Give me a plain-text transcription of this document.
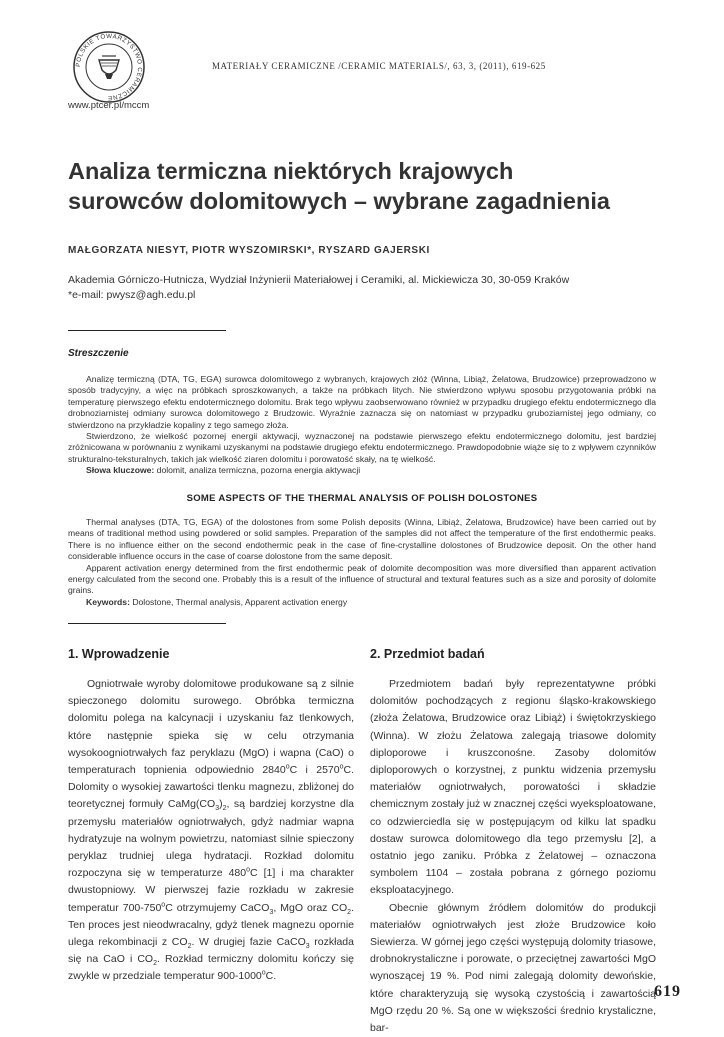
POLSKIE TOWARZYSTWO CERAMICZNE
www.ptcer.pl/mccm
MATERIAŁY CERAMICZNE /CERAMIC MATERIALS/, 63, 3, (2011), 619-625
Analiza termiczna niektórych krajowych
surowców dolomitowych – wybrane zagadnienia
MAŁGORZATA NIESYT, PIOTR WYSZOMIRSKI*, RYSZARD GAJERSKI
Akademia Górniczo-Hutnicza, Wydział Inżynierii Materiałowej i Ceramiki, al. Mickiewicza 30, 30-059 Kraków
*e-mail: pwysz@agh.edu.pl
Streszczenie

Analizę termiczną (DTA, TG, EGA) surowca dolomitowego z wybranych, krajowych złóż (Winna, Libiąż, Żelatowa, Brudzowice) przeprowadzono w sposób tradycyjny, a więc na próbkach sproszkowanych, a także na próbkach litych. Nie stwierdzono wpływu sposobu przygotowania próbki na temperaturę pierwszego efektu endotermicznego dolomitu. Brak tego wpływu zaobserwowano również w przypadku drugiego efektu endotermicznego dla drobnoziarnistej odmiany surowca dolomitowego z Brudzowic. Wyraźnie zaznacza się on natomiast w przypadku gruboziarnistej jego odmiany, co stwierdzono na przykładzie kopaliny z tego samego złoża.

Stwierdzono, że wielkość pozornej energii aktywacji, wyznaczonej na podstawie pierwszego efektu endotermicznego dolomitu, jest bardziej zróżnicowana w porównaniu z wynikami uzyskanymi na podstawie drugiego efektu endotermicznego. Prawdopodobnie wiąże się to z wpływem czynników strukturalno-teksturalnych, takich jak wielkość ziaren dolomitu i porowatość skały, na tę wielkość.

Słowa kluczowe: dolomit, analiza termiczna, pozorna energia aktywacji

SOME ASPECTS OF THE THERMAL ANALYSIS OF POLISH DOLOSTONES

Thermal analyses (DTA, TG, EGA) of the dolostones from some Polish deposits (Winna, Libiąż, Żelatowa, Brudzowice) have been carried out by means of traditional method using powdered or solid samples. Preparation of the samples did not affect the temperature of the first endothermic peaks. There is no influence either on the second endothermic peak in the case of fine-crystalline dolostones of Brudzowice deposit. On the other hand considerable influence occurs in the case of coarse dolostone from the same deposit.

Apparent activation energy determined from the first endothermic peak of dolomite decomposition was more diversified than apparent activation energy calculated from the second one. Probably this is a result of the influence of structural and textural features such as a size and porosity of dolomite grains.

Keywords: Dolostone, Thermal analysis, Apparent activation energy

1. Wprowadzenie

Ogniotrwałe wyroby dolomitowe produkowane są z silnie spieczonego dolomitu surowego. Obróbka termiczna dolomitu polega na kalcynacji i uzyskaniu faz tlenkowych, które następnie spieka się w celu otrzymania wysokoogniotrwałych faz peryklazu (MgO) i wapna (CaO) o temperaturach topnienia odpowiednio 2840$^o$C i 2570$^o$C. Dolomity o wysokiej zawartości tlenku magnezu, zbliżonej do teoretycznej formuły $CaMg(CO_3)_2$, są bardziej korzystne dla przemysłu materiałów ogniotrwałych, gdyż nadmiar wapna hydratyzuje na wolnym powietrzu, natomiast silnie spieczony peryklaz trudniej ulega hydratacji. Rozkład dolomitu rozpoczyna się w temperaturze 480$^o$C [1] i ma charakter dwustopniowy. W pierwszej fazie rozkładu w zakresie temperatur 700-750$^o$C otrzymujemy CaCO$_3$, MgO oraz $CO_2$. Ten proces jest nieodwracalny, gdyż tlenek magnezu opornie ulega rekombinacji z $CO_2$. W drugiej fazie CaCO$_3$ rozkłada się na CaO i $CO_2$. Rozkład termiczny dolomitu kończy się zwykle w przedziale temperatur 900-1000$^o$C.

2. Przedmiot badań

Przedmiotem badań były reprezentatywne próbki dolomitów pochodzących z regionu śląsko-krakowskiego (złoża Żelatowa, Brudzowice oraz Libiąż) i świętokrzyskiego (Winna). W złożu Żelatowa zalegają triasowe dolomity diploporowe i kruszconośne. Zasoby dolomitów diploporowych o korzystnej, z punktu widzenia przemysłu materiałów ogniotrwałych, porowatości i składzie chemicznym zostały już w znacznej części wyeksploatowane, co odzwierciedla się w postępującym od kilku lat spadku dostaw surowca dolomitowego dla tego przemysłu [2], a ostatnio jego zaniku. Próbka z Żelatowej – oznaczona symbolem 1104 – została pobrana z górnego poziomu eksploatacyjnego.

Obecnie głównym źródłem dolomitów do produkcji materiałów ogniotrwałych jest złoże Brudzowice koło Siewierza. W górnej jego części występują dolomity triasowe, drobnokrystaliczne i porowate, o przeciętnej zawartości MgO wynoszącej 19 %. Pod nimi zalegają dolomity dewońskie, które charakteryzują się wysoką czystością i zawartością MgO rzędu 20 %. Są one w większości średnio krystaliczne, bar-

619
